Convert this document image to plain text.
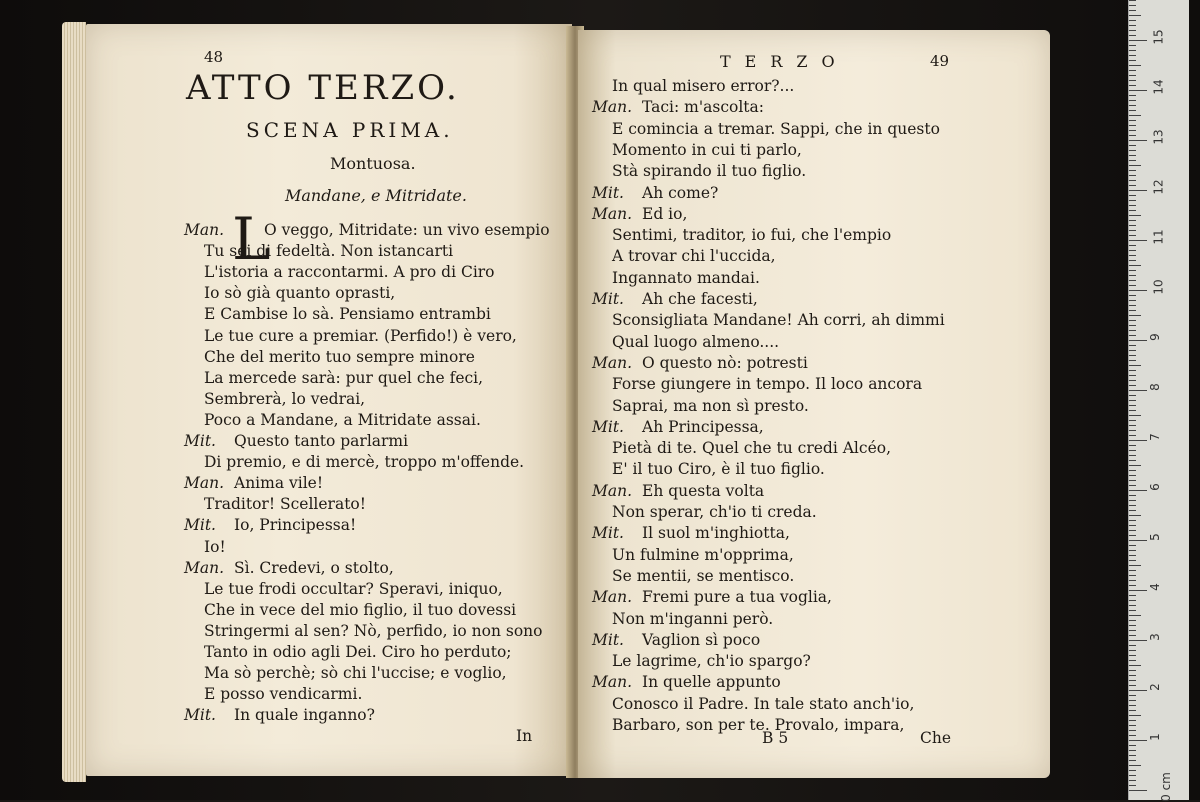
48
ATTO TERZO.
SCENA PRIMA.
Montuosa.
Mandane, e Mitridate.
L
Man.	O veggo, Mitridate: un vivo esempio
Tu sei di fedeltà. Non istancarti
L'istoria a raccontarmi. A pro di Ciro
Io sò già quanto oprasti,
E Cambise lo sà. Pensiamo entrambi
Le tue cure a premiar. (Perfido!) è vero,
Che del merito tuo sempre minore
La mercede sarà: pur quel che feci,
Sembrerà, lo vedrai,
Poco a Mandane, a Mitridate assai.
Mit. Questo tanto parlarmi
Di premio, e di mercè, troppo m'offende.
Man. Anima vile!
Traditor! Scellerato!
Mit. Io, Principessa!
Io!
Man. Sì. Credevi, o stolto,
Le tue frodi occultar? Speravi, iniquo,
Che in vece del mio figlio, il tuo dovessi
Stringermi al sen? Nò, perfido, io non sono
Tanto in odio agli Dei. Ciro ho perduto;
Ma sò perchè; sò chi l'uccise; e voglio,
E posso vendicarmi.
Mit. In quale inganno?
In
TERZO	49
In qual misero error?...
Man. Taci: m'ascolta:
E comincia a tremar. Sappi, che in questo
Momento in cui ti parlo,
Stà spirando il tuo figlio.
Mit. Ah come?
Man. Ed io,
Sentimi, traditor, io fui, che l'empio
A trovar chi l'uccida,
Ingannato mandai.
Mit. Ah che facesti,
Sconsigliata Mandane! Ah corri, ah dimmi
Qual luogo almeno....
Man. O questo nò: potresti
Forse giungere in tempo. Il loco ancora
Saprai, ma non sì presto.
Mit. Ah Principessa,
Pietà di te. Quel che tu credi Alcéo,
E' il tuo Ciro, è il tuo figlio.
Man. Eh questa volta
Non sperar, ch'io ti creda.
Mit. Il suol m'inghiotta,
Un fulmine m'opprima,
Se mentii, se mentisco.
Man. Fremi pure a tua voglia,
Non m'inganni però.
Mit. Vaglion sì poco
Le lagrime, ch'io spargo?
Man. In quelle appunto
Conosco il Padre. In tale stato anch'io,
Barbaro, son per te. Provalo, impara,
B 5	Che
0 cm
1
2
3
4
5
6
7
8
9
10
11
12
13
14
15
